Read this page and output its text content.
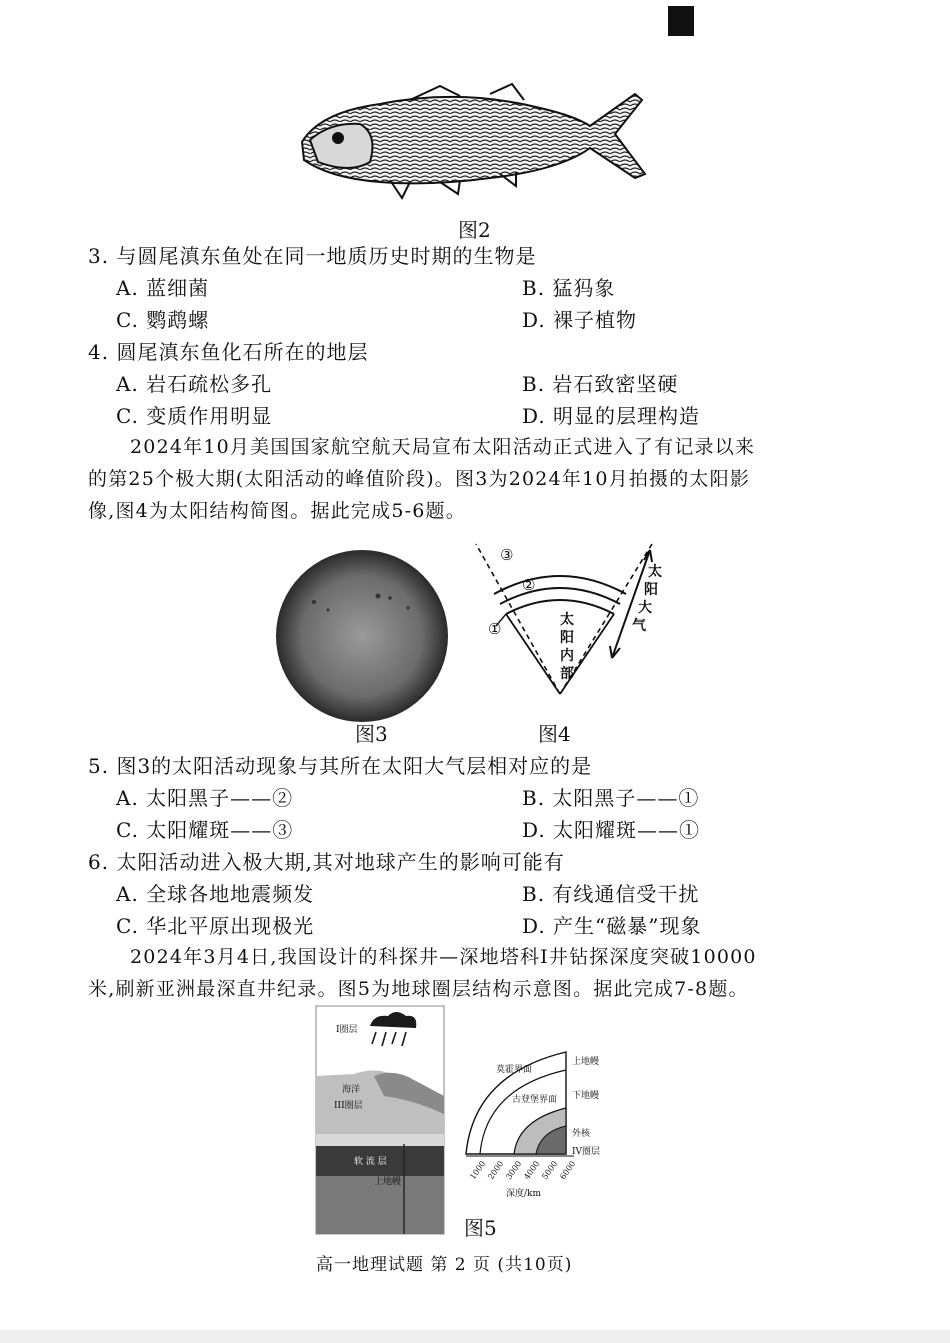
图2
3. 与圆尾滇东鱼处在同一地质历史时期的生物是
A. 蓝细菌	B. 猛犸象
C. 鹦鹉螺	D. 裸子植物
4. 圆尾滇东鱼化石所在的地层
A. 岩石疏松多孔	B. 岩石致密坚硬
C. 变质作用明显	D. 明显的层理构造
2024年10月美国国家航空航天局宣布太阳活动正式进入了有记录以来
的第25个极大期(太阳活动的峰值阶段)。图3为2024年10月拍摄的太阳影
像,图4为太阳结构简图。据此完成5-6题。
③
②
①	太
阳
内
部
太
阳
大
气
图3	图4
5. 图3的太阳活动现象与其所在太阳大气层相对应的是
A. 太阳黑子——②	B. 太阳黑子——①
C. 太阳耀斑——③	D. 太阳耀斑——①
6. 太阳活动进入极大期,其对地球产生的影响可能有
A. 全球各地地震频发	B. 有线通信受干扰
C. 华北平原出现极光	D. 产生“磁暴”现象
2024年3月4日,我国设计的科探井—深地塔科Ⅰ井钻探深度突破10000
米,刷新亚洲最深直井纪录。图5为地球圈层结构示意图。据此完成7-8题。
I圈层
海洋
III圈层
软 流 层
上地幔
莫霍界面
古登堡界面
上地幔
下地幔
外核
IV圈层
1000
2000
3000
4000
5000
6000
深度/km
图5
高一地理试题 第 2 页 (共10页)
